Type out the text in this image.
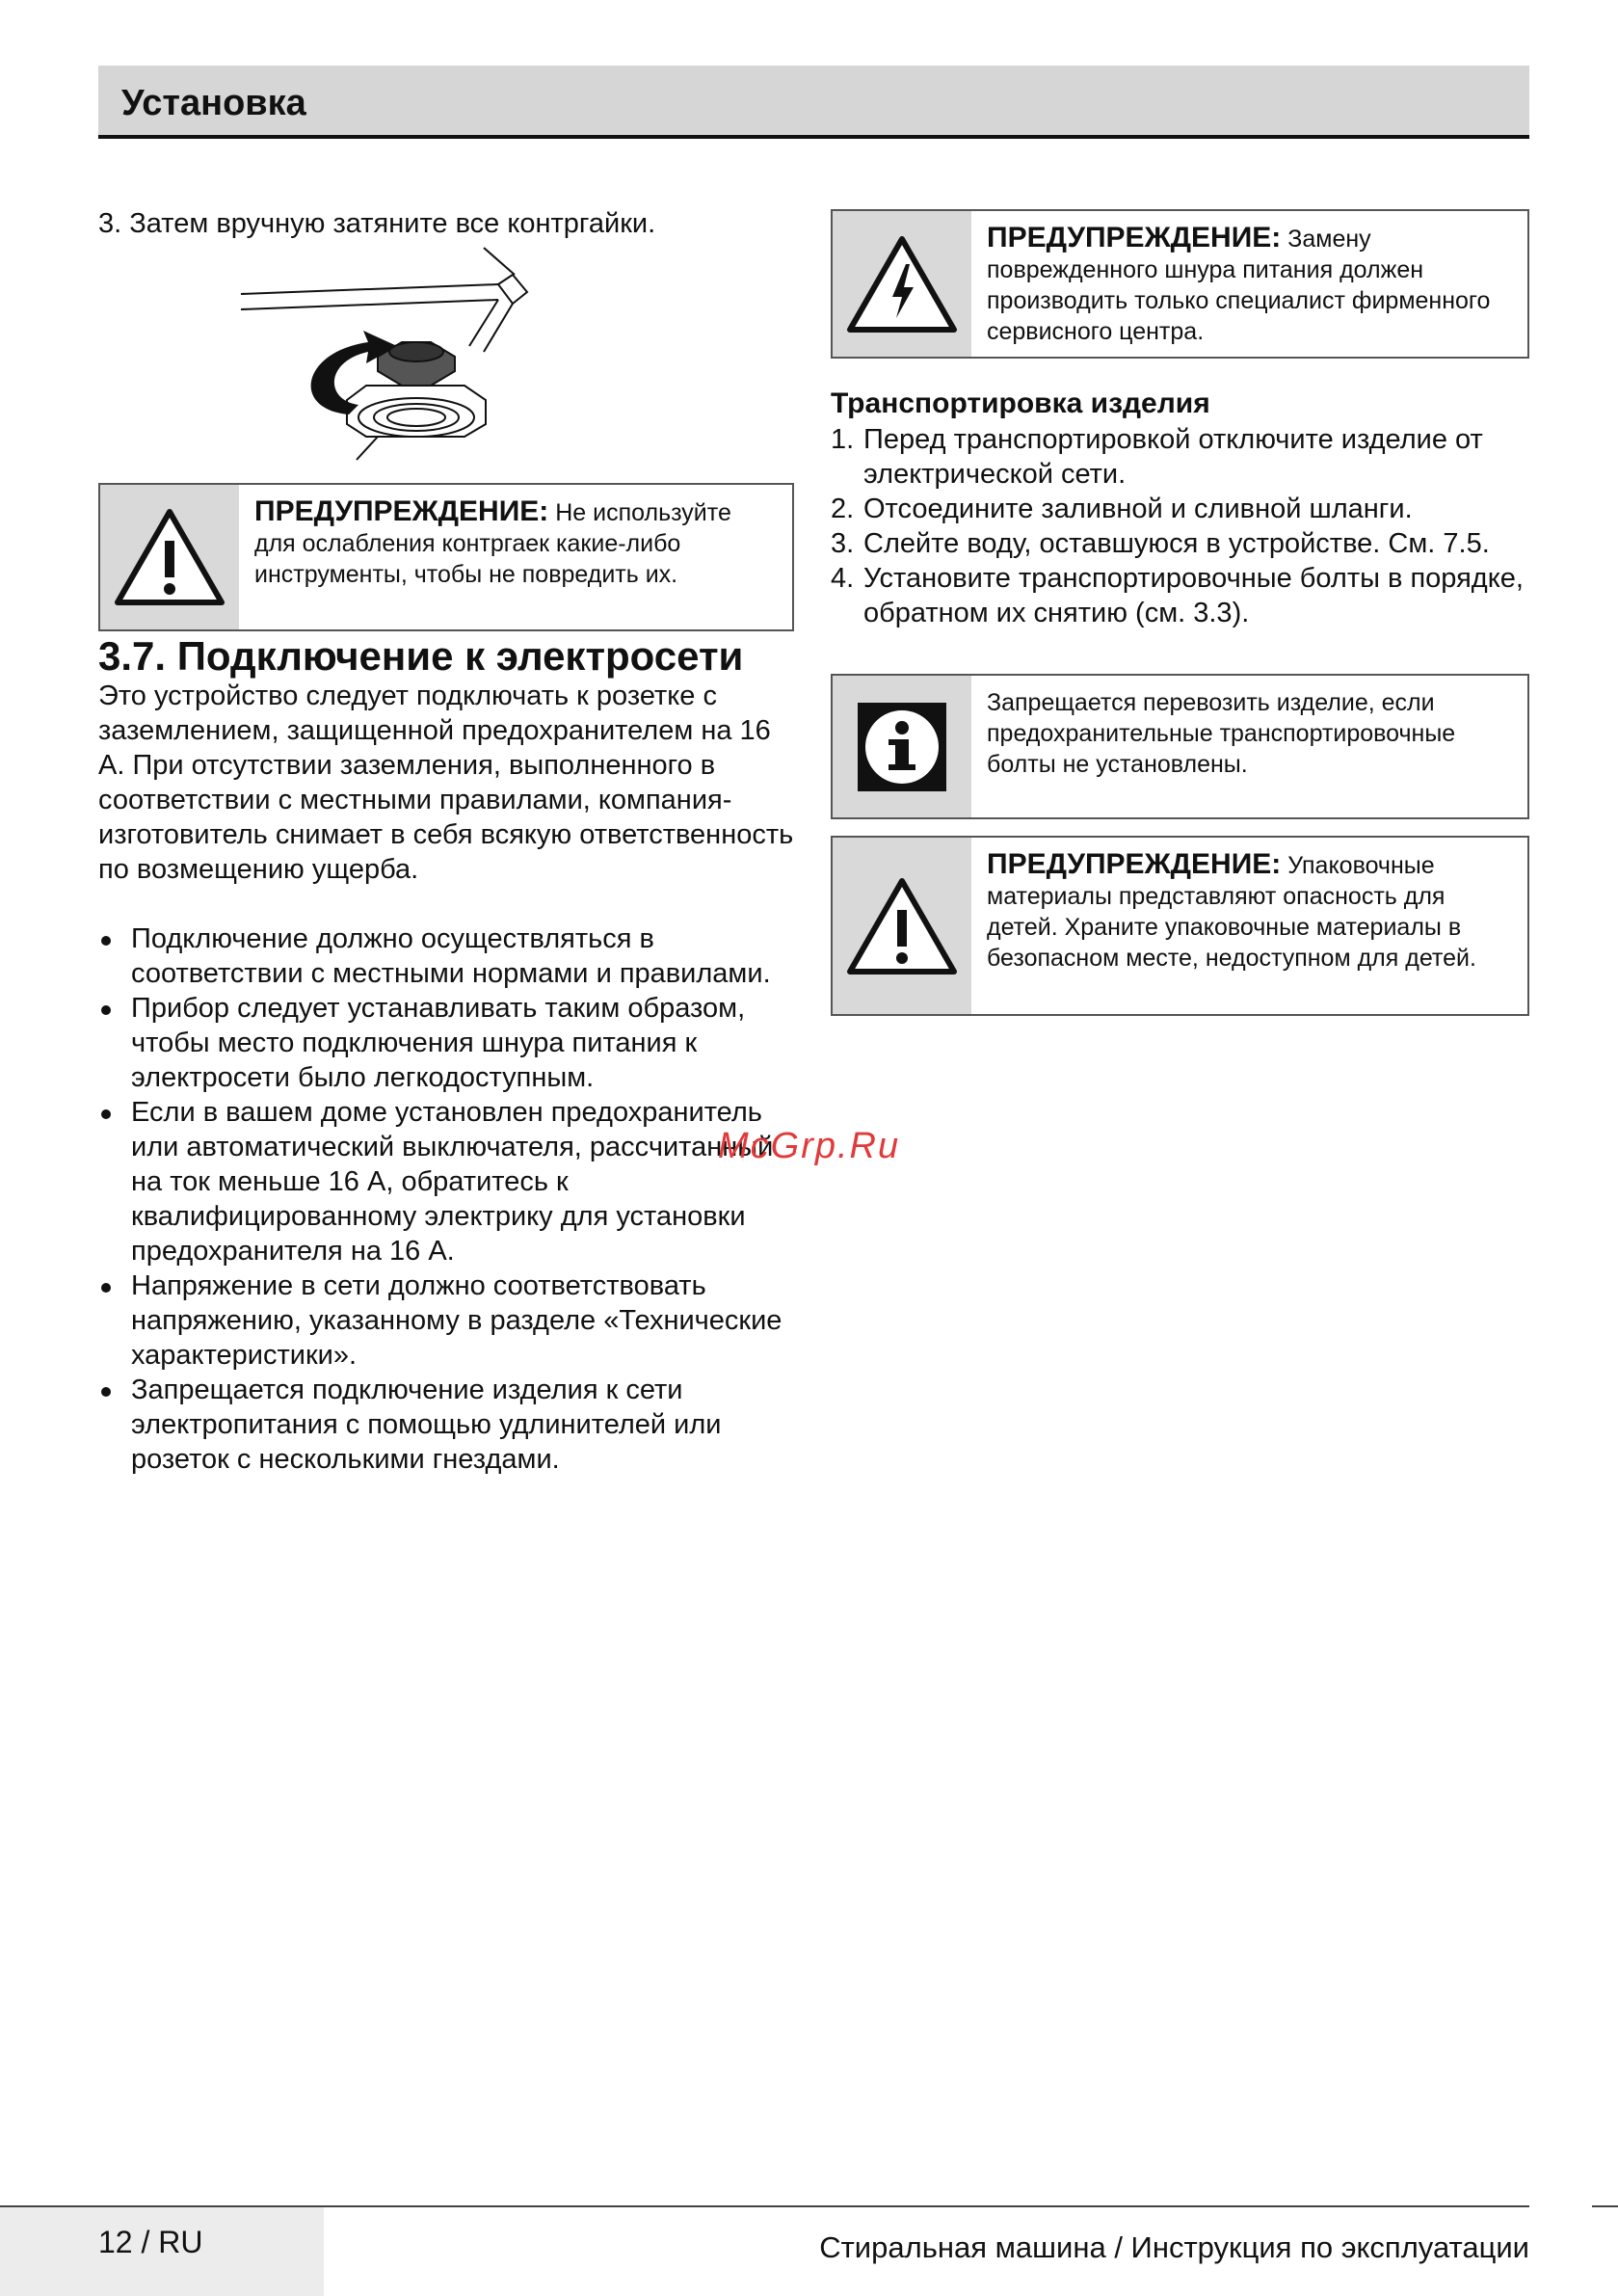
Установка

3. Затем вручную затяните все контргайки.

ПРЕДУПРЕЖДЕНИЕ: Не используйте для ослабления контргаек какие-либо инструменты, чтобы не повредить их.
3.7. Подключение к электросети

Это устройство следует подключать к розетке с заземлением, защищенной предохранителем на 16 А. При отсутствии заземления, выполненного в соответствии с местными правилами, компания-изготовитель снимает в себя всякую ответственность по возмещению ущерба.

Подключение должно осуществляться в соответствии с местными нормами и правилами.
Прибор следует устанавливать таким образом, чтобы место подключения шнура питания к электросети было легкодоступным.
Если в вашем доме установлен предохранитель или автоматический выключателя, рассчитанный на ток меньше 16 А, обратитесь к квалифицированному электрику для установки предохранителя на 16 А.
Напряжение в сети должно соответствовать напряжению, указанному в разделе «Технические характеристики».
Запрещается подключение изделия к сети электропитания с помощью удлинителей или розеток с несколькими гнездами.
ПРЕДУПРЕЖДЕНИЕ: Замену поврежденного шнура питания должен производить только специалист фирменного сервисного центра.
Транспортировка изделия
1. Перед транспортировкой отключите изделие от электрической сети.
2. Отсоедините заливной и сливной шланги.
3. Слейте воду, оставшуюся в устройстве. См. 7.5.
4. Установите транспортировочные болты в порядке, обратном их снятию (см. 3.3).
Запрещается перевозить изделие, если предохранительные транспортировочные болты не установлены.
ПРЕДУПРЕЖДЕНИЕ: Упаковочные материалы представляют опасность для детей. Храните упаковочные материалы в безопасном месте, недоступном для детей.
McGrp.Ru
12 / RU	Стиральная машина / Инструкция по эксплуатации
